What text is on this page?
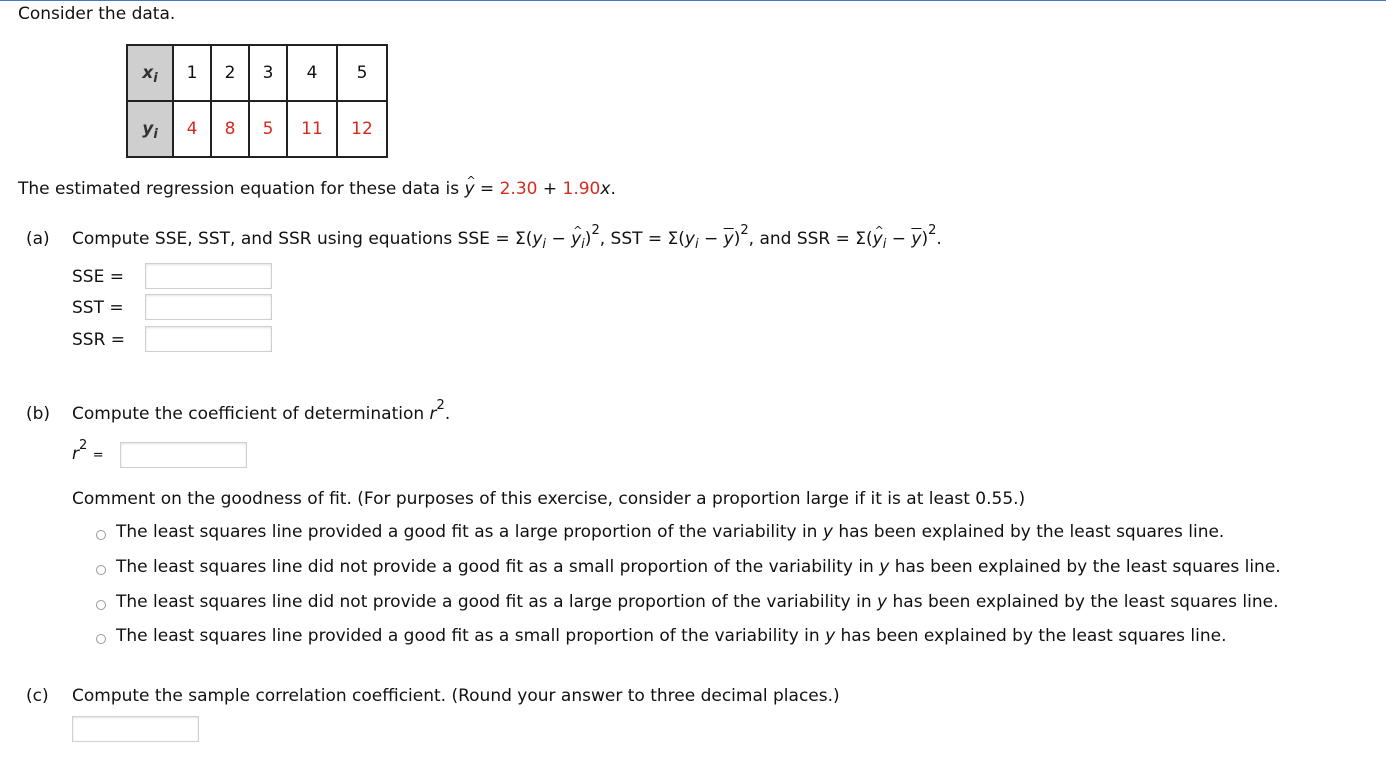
Consider the data.
$x_i$	1	2	3	4	5
$y_i$	4	8	5	11	12
The estimated regression equation for these data is ^ y = 2.30 + 1.90x.
(a) Compute SSE, SST, and SSR using equations SSE = $\Sigma(y_i$ − ^ $y_i)^2$, SST = $\Sigma(y_i - \overline{y})^2$, and SSR = Σ(^ $y_i - \overline{y})^2$.
SSE =
SST =
SSR =
(b) Compute the coefficient of determination $r^2$.
$r^2$ =
Comment on the goodness of fit. (For purposes of this exercise, consider a proportion large if it is at least 0.55.)
The least squares line provided a good fit as a large proportion of the variability in y has been explained by the least squares line.
The least squares line did not provide a good fit as a small proportion of the variability in y has been explained by the least squares line.
The least squares line did not provide a good fit as a large proportion of the variability in y has been explained by the least squares line.
The least squares line provided a good fit as a small proportion of the variability in y has been explained by the least squares line.
(c) Compute the sample correlation coefficient. (Round your answer to three decimal places.)
